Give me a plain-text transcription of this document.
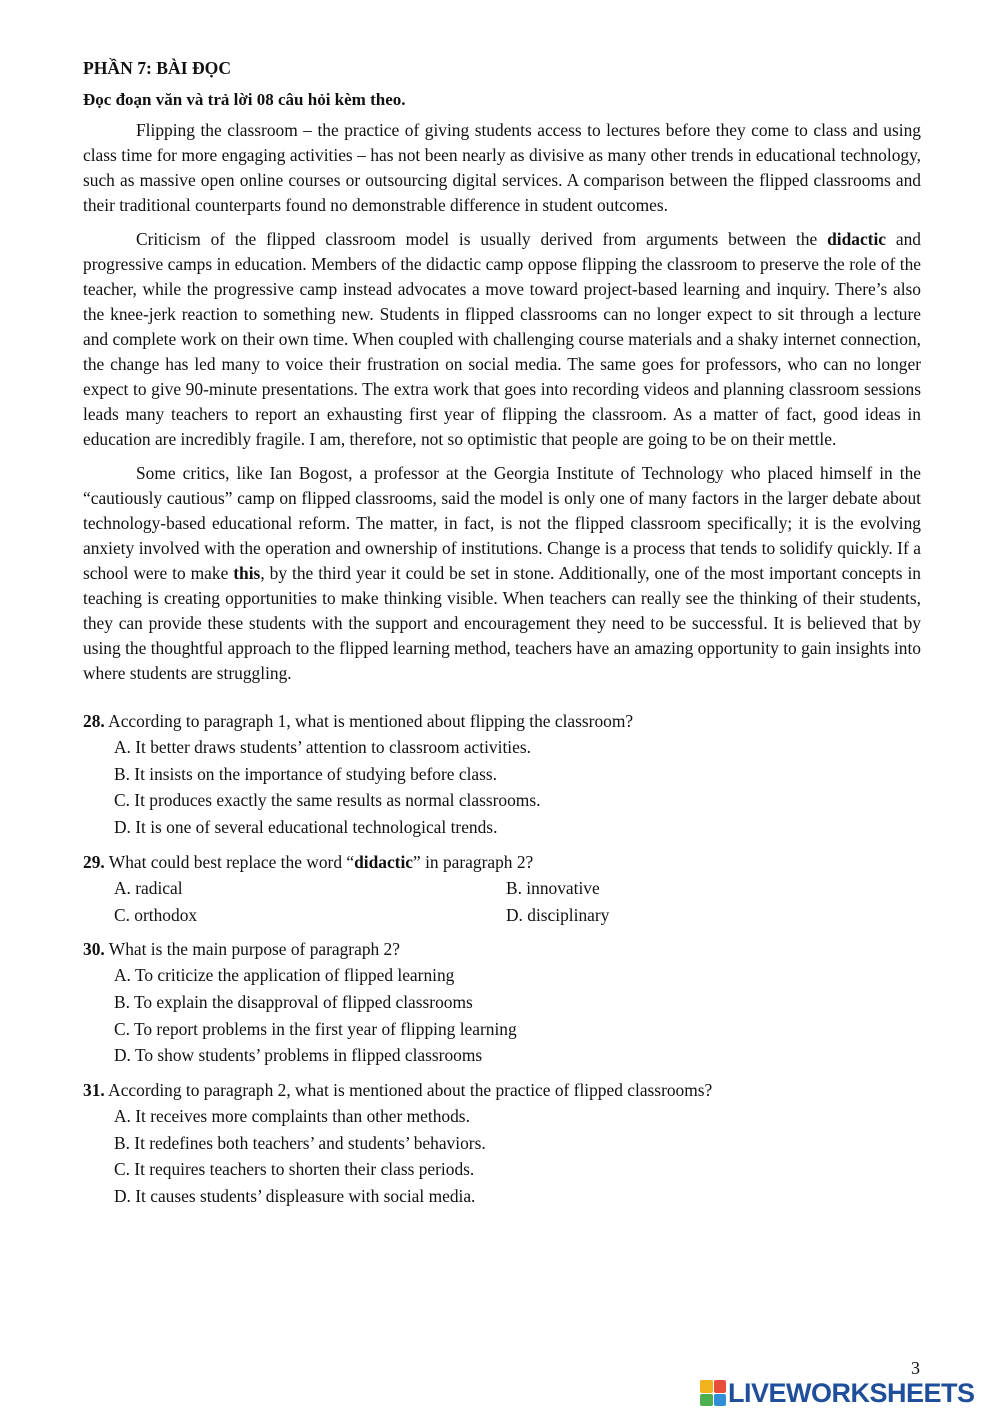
PHẦN 7: BÀI ĐỌC
Đọc đoạn văn và trả lời 08 câu hỏi kèm theo.

Flipping the classroom – the practice of giving students access to lectures before they come to class and using class time for more engaging activities – has not been nearly as divisive as many other trends in educational technology, such as massive open online courses or outsourcing digital services. A comparison between the flipped classrooms and their traditional counterparts found no demonstrable difference in student outcomes.

Criticism of the flipped classroom model is usually derived from arguments between the didactic and progressive camps in education. Members of the didactic camp oppose flipping the classroom to preserve the role of the teacher, while the progressive camp instead advocates a move toward project-based learning and inquiry. There’s also the knee-jerk reaction to something new. Students in flipped classrooms can no longer expect to sit through a lecture and complete work on their own time. When coupled with challenging course materials and a shaky internet connection, the change has led many to voice their frustration on social media. The same goes for professors, who can no longer expect to give 90-minute presentations. The extra work that goes into recording videos and planning classroom sessions leads many teachers to report an exhausting first year of flipping the classroom. As a matter of fact, good ideas in education are incredibly fragile. I am, therefore, not so optimistic that people are going to be on their mettle.

Some critics, like Ian Bogost, a professor at the Georgia Institute of Technology who placed himself in the “cautiously cautious” camp on flipped classrooms, said the model is only one of many factors in the larger debate about technology-based educational reform. The matter, in fact, is not the flipped classroom specifically; it is the evolving anxiety involved with the operation and ownership of institutions. Change is a process that tends to solidify quickly. If a school were to make this, by the third year it could be set in stone. Additionally, one of the most important concepts in teaching is creating opportunities to make thinking visible. When teachers can really see the thinking of their students, they can provide these students with the support and encouragement they need to be successful. It is believed that by using the thoughtful approach to the flipped learning method, teachers have an amazing opportunity to gain insights into where students are struggling.

28. According to paragraph 1, what is mentioned about flipping the classroom?
A. It better draws students’ attention to classroom activities.
B. It insists on the importance of studying before class.
C. It produces exactly the same results as normal classrooms.
D. It is one of several educational technological trends.
29. What could best replace the word “didactic” in paragraph 2?
A. radical	B. innovative
C. orthodox	D. disciplinary
30. What is the main purpose of paragraph 2?
A. To criticize the application of flipped learning
B. To explain the disapproval of flipped classrooms
C. To report problems in the first year of flipping learning
D. To show students’ problems in flipped classrooms
31. According to paragraph 2, what is mentioned about the practice of flipped classrooms?
A. It receives more complaints than other methods.
B. It redefines both teachers’ and students’ behaviors.
C. It requires teachers to shorten their class periods.
D. It causes students’ displeasure with social media.
3
LIVEWORKSHEETS
